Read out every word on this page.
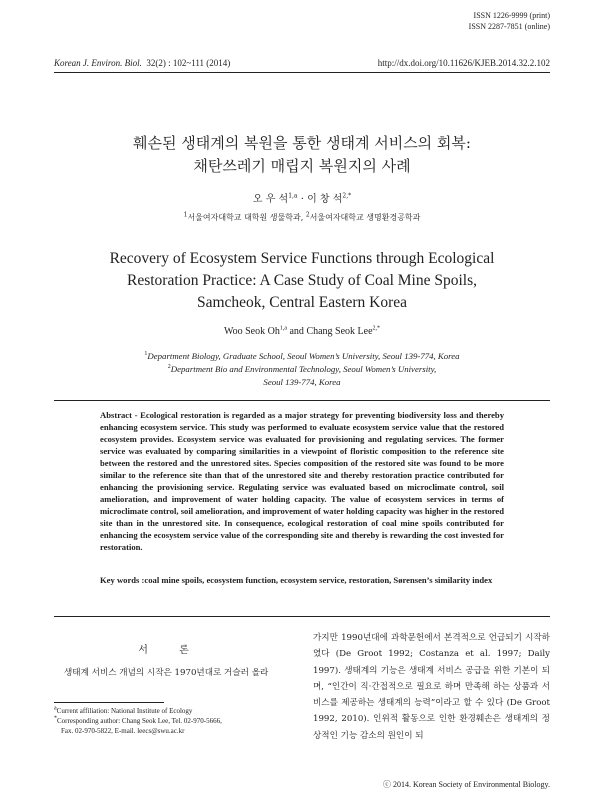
ISSN 1226-9999 (print)
ISSN 2287-7851 (online)
Korean J. Environ. Biol. 32(2) : 102~111 (2014)	http://dx.doi.org/10.11626/KJEB.2014.32.2.102
훼손된 생태계의 복원을 통한 생태계 서비스의 회복:
채탄쓰레기 매립지 복원지의 사례
오 우 석$^{1,a}$ · 이 창 석$^{2,*}$
$^1$서울여자대학교 대학원 생물학과, $^2$서울여자대학교 생명환경공학과
Recovery of Ecosystem Service Functions through Ecological
Restoration Practice: A Case Study of Coal Mine Spoils,
Samcheok, Central Eastern Korea
Woo Seok Oh$^{1,a}$ and Chang Seok Lee$^{2,*}$
$^1$Department Biology, Graduate School, Seoul Women’s University, Seoul 139-774, Korea
$^2$Department Bio and Environmental Technology, Seoul Women’s University,
Seoul 139-774, Korea
Abstract - Ecological restoration is regarded as a major strategy for preventing biodiversity loss and thereby enhancing ecosystem service. This study was performed to evaluate ecosystem service value that the restored ecosystem provides. Ecosystem service was evaluated for provisioning and regulating services. The former service was evaluated by comparing similarities in a viewpoint of floristic composition to the reference site between the restored and the unrestored sites. Species composition of the restored site was found to be more similar to the reference site than that of the unrestored site and thereby restoration practice contributed for enhancing the provisioning service. Regulating service was evaluated based on microclimate control, soil amelioration, and improvement of water holding capacity. The value of ecosystem services in terms of microclimate control, soil amelioration, and improvement of water holding capacity was higher in the restored site than in the unrestored site. In consequence, ecological restoration of coal mine spoils contributed for enhancing the ecosystem service value of the corresponding site and thereby is rewarding the cost invested for restoration.
Key words : coal mine spoils, ecosystem function, ecosystem service, restoration, Sørensen’s similarity index
서 론
생태계 서비스 개념의 시작은 1970년대로 거슬러 올라
$^a$Current affiliation: National Institute of Ecology
*Corresponding author: Chang Seok Lee, Tel. 02-970-5666,
Fax. 02-970-5822, E-mail. leecs@swu.ac.kr
가지만 1990년대에 과학문헌에서 본격적으로 언급되기 시작하였다 (De Groot 1992; Costanza et al. 1997; Daily 1997). 생태계의 기능은 생태계 서비스 공급을 위한 기본이 되며, “인간이 직·간접적으로 필요로 하며 만족해 하는 상품과 서비스를 제공하는 생태계의 능력”이라고 할 수 있다 (De Groot 1992, 2010). 인위적 활동으로 인한 환경훼손은 생태계의 정상적인 기능 감소의 원인이 되
ⓒ 2014. Korean Society of Environmental Biology.
